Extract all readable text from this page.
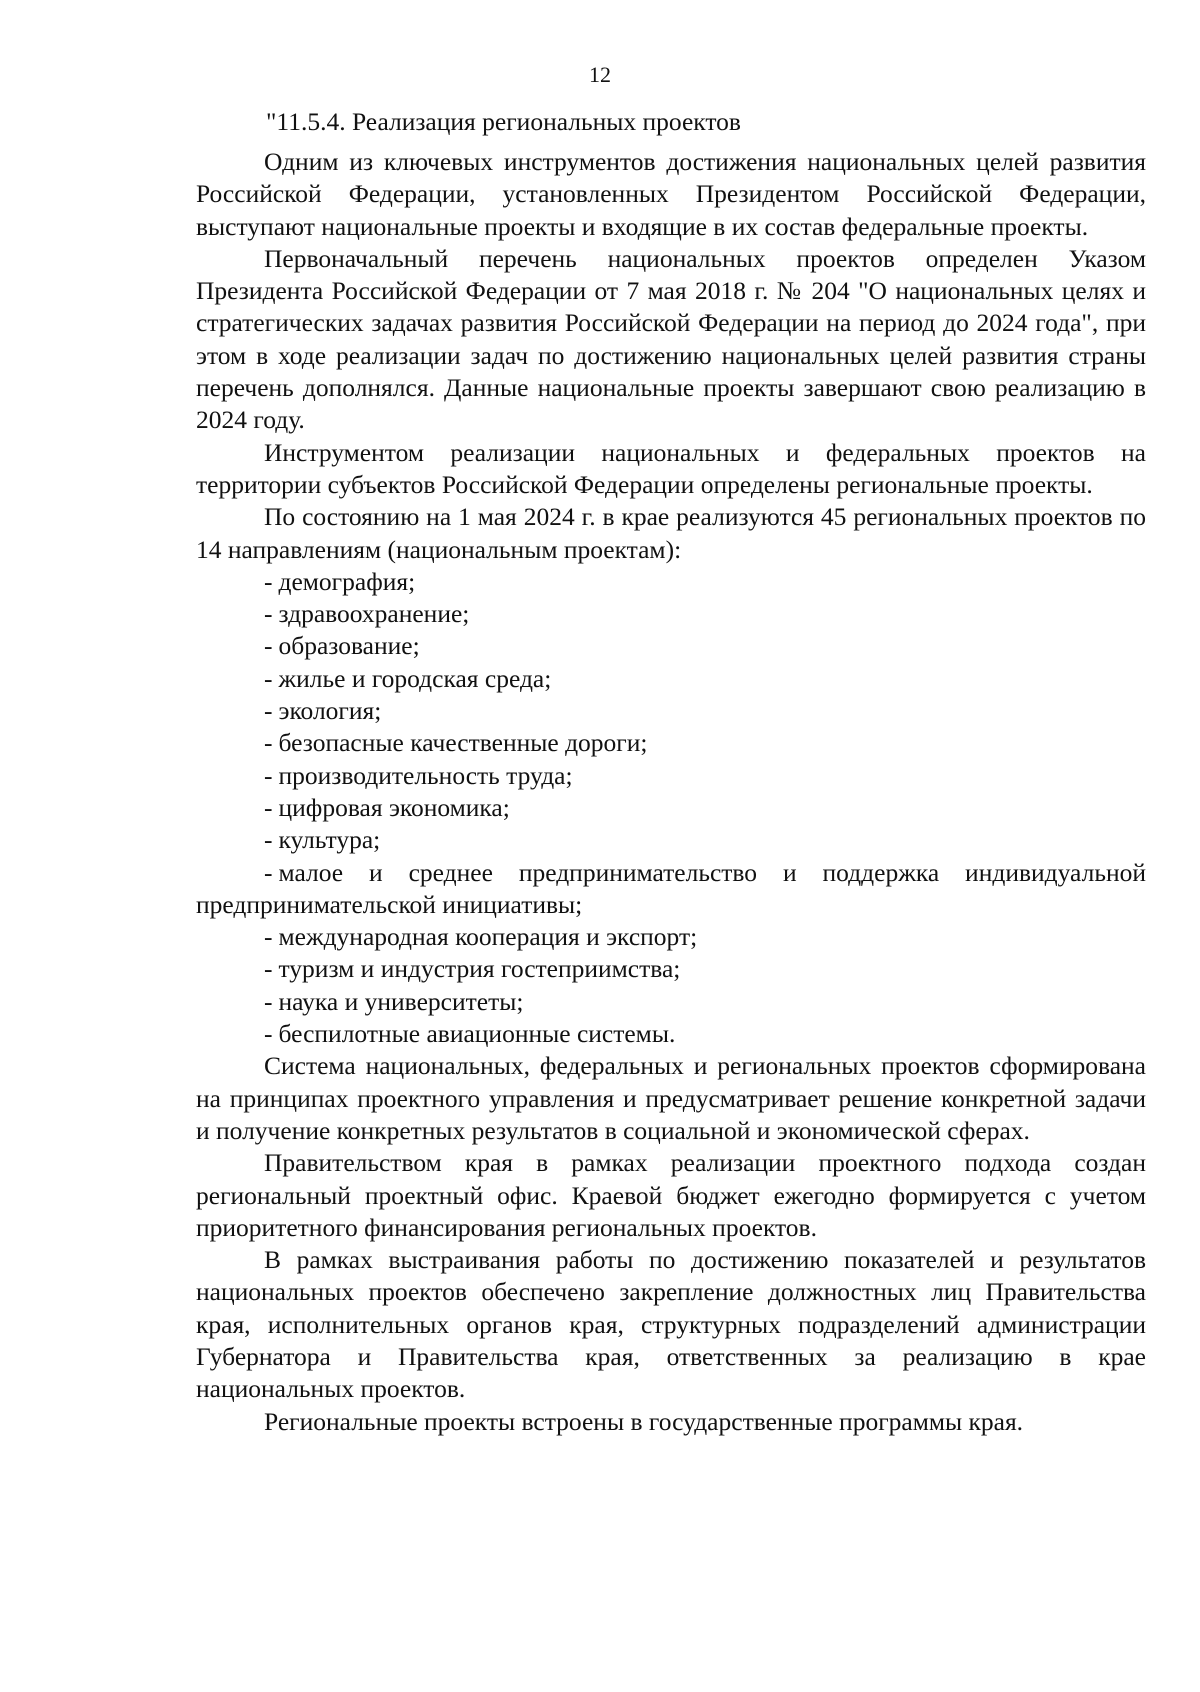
12
"11.5.4. Реализация региональных проектов

Одним из ключевых инструментов достижения национальных целей развития Российской Федерации, установленных Президентом Российской Федерации, выступают национальные проекты и входящие в их состав федеральные проекты.

Первоначальный перечень национальных проектов определен Указом Президента Российской Федерации от 7 мая 2018 г. № 204 "О национальных целях и стратегических задачах развития Российской Федерации на период до 2024 года", при этом в ходе реализации задач по достижению национальных целей развития страны перечень дополнялся. Данные национальные проекты завершают свою реализацию в 2024 году.

Инструментом реализации национальных и федеральных проектов на территории субъектов Российской Федерации определены региональные проекты.

По состоянию на 1 мая 2024 г. в крае реализуются 45 региональных проектов по 14 направлениям (национальным проектам):

- демография;
- здравоохранение;
- образование;
- жилье и городская среда;
- экология;
- безопасные качественные дороги;
- производительность труда;
- цифровая экономика;
- культура;
- малое и среднее предпринимательство и поддержка индивидуальной предпринимательской инициативы;
- международная кооперация и экспорт;
- туризм и индустрия гостеприимства;
- наука и университеты;
- беспилотные авиационные системы.

Система национальных, федеральных и региональных проектов сформирована на принципах проектного управления и предусматривает решение конкретной задачи и получение конкретных результатов в социальной и экономической сферах.

Правительством края в рамках реализации проектного подхода создан региональный проектный офис. Краевой бюджет ежегодно формируется с учетом приоритетного финансирования региональных проектов.

В рамках выстраивания работы по достижению показателей и результатов национальных проектов обеспечено закрепление должностных лиц Правительства края, исполнительных органов края, структурных подразделений администрации Губернатора и Правительства края, ответственных за реализацию в крае национальных проектов.

Региональные проекты встроены в государственные программы края.
